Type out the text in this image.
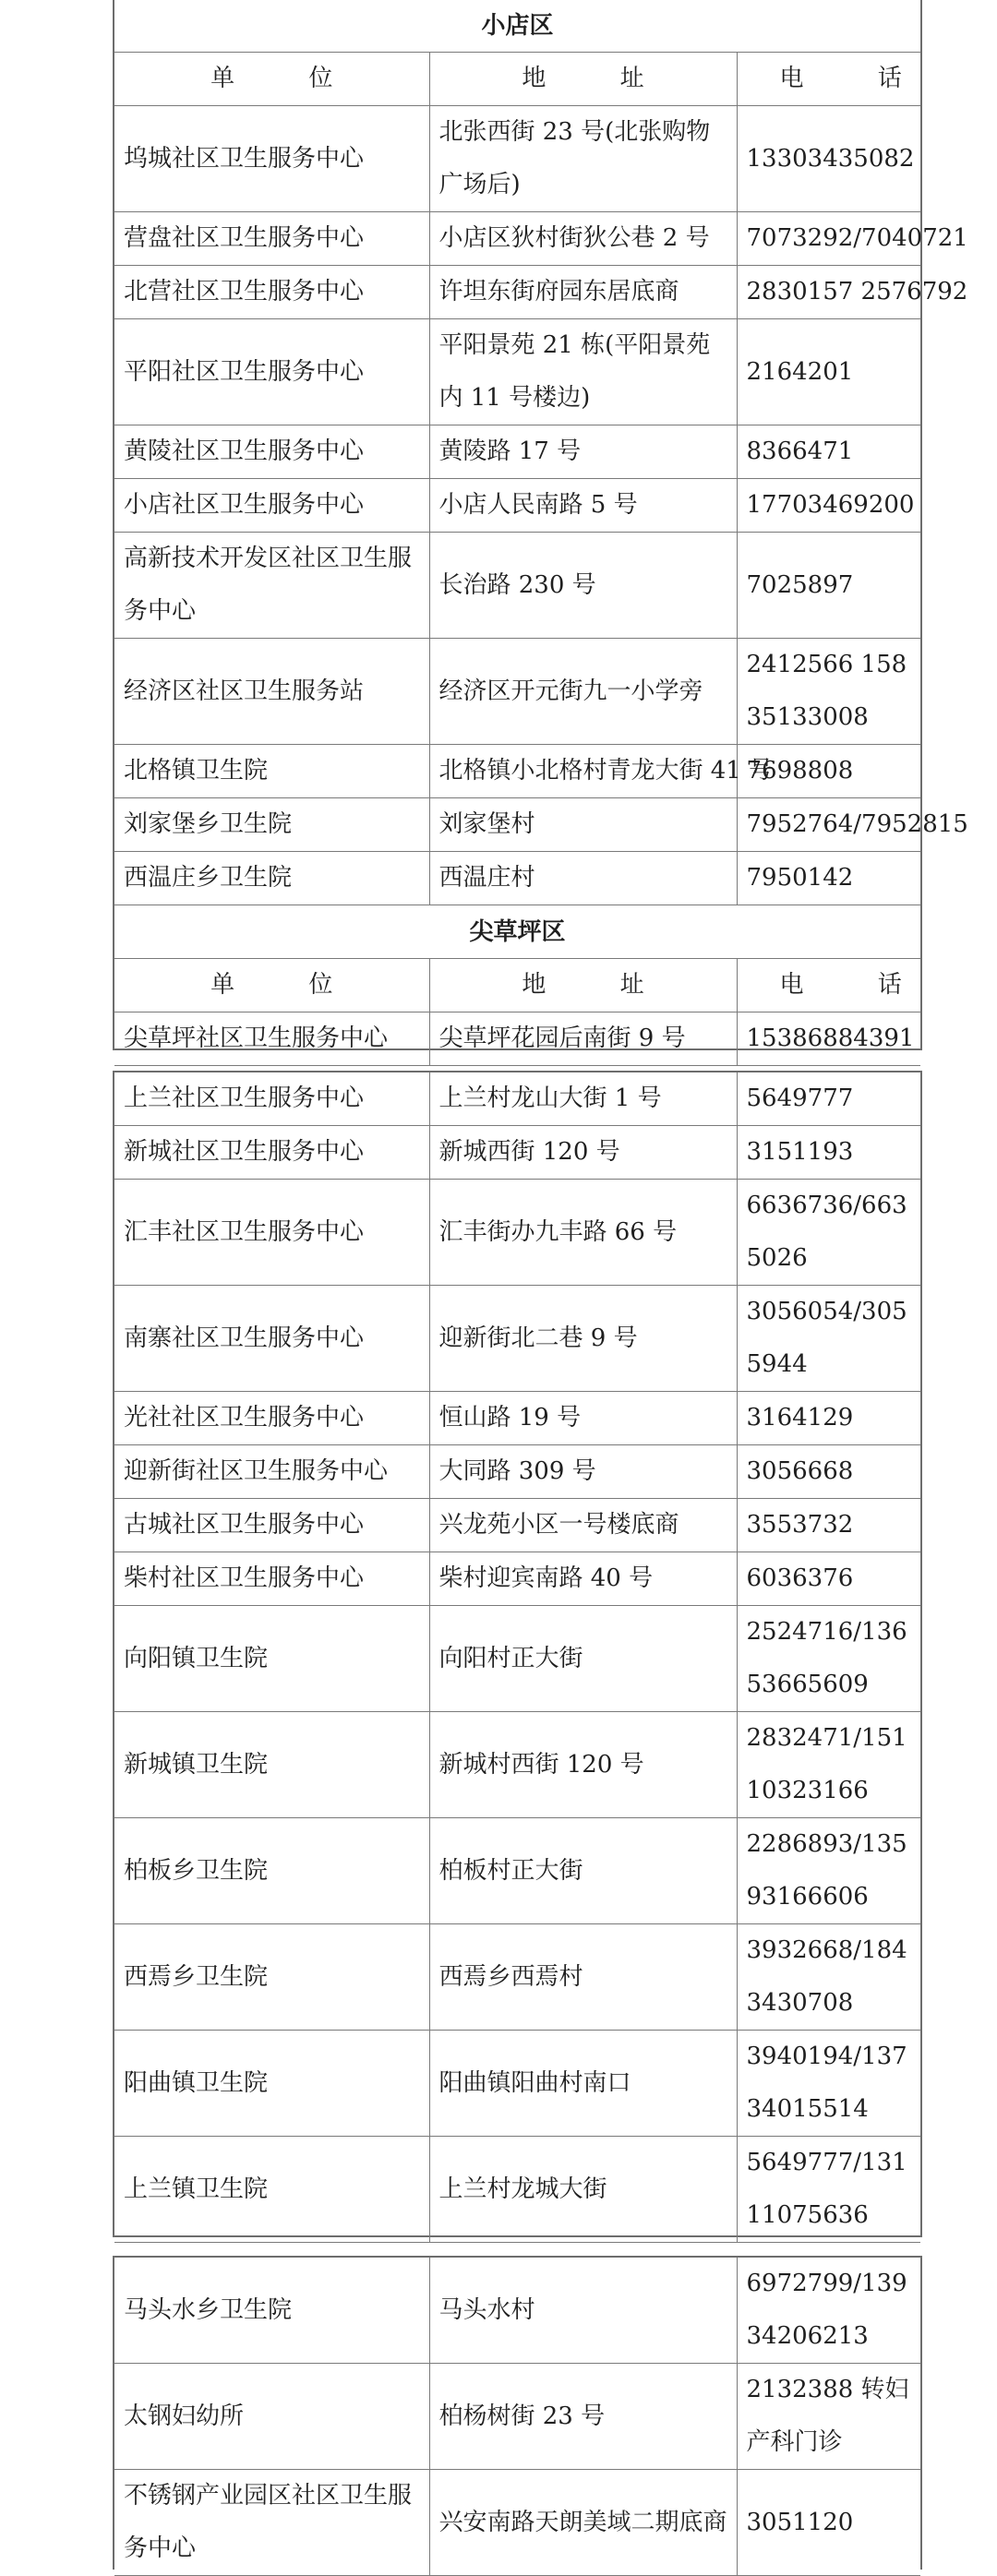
小店区		
单 位	地 址	电 话
坞城社区卫生服务中心	北张西街 23 号(北张购物广场后)	13303435082
营盘社区卫生服务中心	小店区狄村街狄公巷 2 号	7073292/7040721
北营社区卫生服务中心	许坦东街府园东居底商	2830157 2576792
平阳社区卫生服务中心	平阳景苑 21 栋(平阳景苑内 11 号楼边)	2164201
黄陵社区卫生服务中心	黄陵路 17 号	8366471
小店社区卫生服务中心	小店人民南路 5 号	17703469200
高新技术开发区社区卫生服务中心	长治路 230 号	7025897
经济区社区卫生服务站	经济区开元街九一小学旁	2412566 15835133008
北格镇卫生院	北格镇小北格村青龙大街 41 号	7698808
刘家堡乡卫生院	刘家堡村	7952764/7952815
西温庄乡卫生院	西温庄村	7950142
尖草坪区		
单 位	地 址	电 话
尖草坪社区卫生服务中心	尖草坪花园后南街 9 号	15386884391
上兰社区卫生服务中心	上兰村龙山大街 1 号	5649777
新城社区卫生服务中心	新城西街 120 号	3151193
汇丰社区卫生服务中心	汇丰街办九丰路 66 号	6636736/6635026
南寨社区卫生服务中心	迎新街北二巷 9 号	3056054/3055944
光社社区卫生服务中心	恒山路 19 号	3164129
迎新街社区卫生服务中心	大同路 309 号	3056668
古城社区卫生服务中心	兴龙苑小区一号楼底商	3553732
柴村社区卫生服务中心	柴村迎宾南路 40 号	6036376
向阳镇卫生院	向阳村正大街	2524716/13653665609
新城镇卫生院	新城村西街 120 号	2832471/15110323166
柏板乡卫生院	柏板村正大街	2286893/13593166606
西焉乡卫生院	西焉乡西焉村	3932668/1843430708
阳曲镇卫生院	阳曲镇阳曲村南口	3940194/13734015514
上兰镇卫生院	上兰村龙城大街	5649777/13111075636
马头水乡卫生院	马头水村	6972799/13934206213
太钢妇幼所	柏杨树街 23 号	2132388 转妇产科门诊
不锈钢产业园区社区卫生服务中心	兴安南路天朗美域二期底商	3051120
